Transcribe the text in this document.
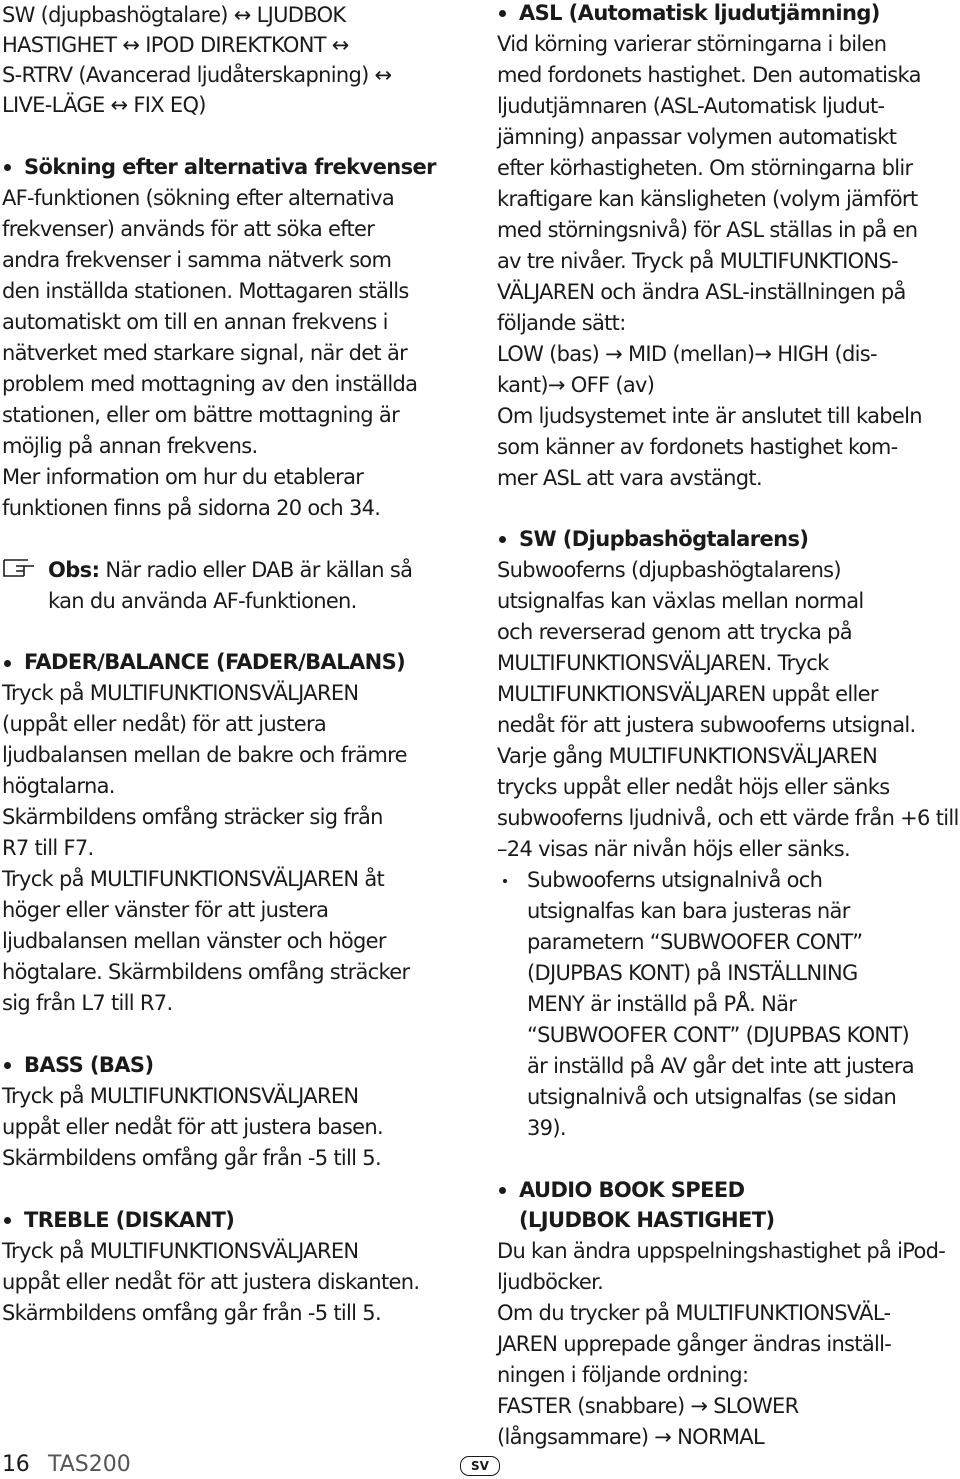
SW (djupbashögtalare) ↔ LJUDBOK
HASTIGHET ↔ IPOD DIREKTKONT ↔
S-RTRV (Avancerad ljudåterskapning) ↔
LIVE-LÄGE ↔ FIX EQ)
Sökning efter alternativa frekvenser
AF-funktionen (sökning efter alternativa
frekvenser) används för att söka efter
andra frekvenser i samma nätverk som
den inställda stationen. Mottagaren ställs
automatiskt om till en annan frekvens i
nätverket med starkare signal, när det är
problem med mottagning av den inställda
stationen, eller om bättre mottagning är
möjlig på annan frekvens.
Mer information om hur du etablerar
funktionen finns på sidorna 20 och 34.
Obs: När radio eller DAB är källan så
kan du använda AF-funktionen.
FADER/BALANCE (FADER/BALANS)
Tryck på MULTIFUNKTIONSVÄLJAREN
(uppåt eller nedåt) för att justera
ljudbalansen mellan de bakre och främre
högtalarna.
Skärmbildens omfång sträcker sig från
R7 till F7.
Tryck på MULTIFUNKTIONSVÄLJAREN åt
höger eller vänster för att justera
ljudbalansen mellan vänster och höger
högtalare. Skärmbildens omfång sträcker
sig från L7 till R7.
BASS (BAS)
Tryck på MULTIFUNKTIONSVÄLJAREN
uppåt eller nedåt för att justera basen.
Skärmbildens omfång går från -5 till 5.
TREBLE (DISKANT)
Tryck på MULTIFUNKTIONSVÄLJAREN
uppåt eller nedåt för att justera diskanten.
Skärmbildens omfång går från -5 till 5.
ASL (Automatisk ljudutjämning)
Vid körning varierar störningarna i bilen
med fordonets hastighet. Den automatiska
ljudutjämnaren (ASL-Automatisk ljudut-
jämning) anpassar volymen automatiskt
efter körhastigheten. Om störningarna blir
kraftigare kan känsligheten (volym jämfört
med störningsnivå) för ASL ställas in på en
av tre nivåer. Tryck på MULTIFUNKTIONS-
VÄLJAREN och ändra ASL-inställningen på
följande sätt:
LOW (bas) → MID (mellan)→ HIGH (dis-
kant)→ OFF (av)
Om ljudsystemet inte är anslutet till kabeln
som känner av fordonets hastighet kom-
mer ASL att vara avstängt.
SW (Djupbashögtalarens)
Subwooferns (djupbashögtalarens)
utsignalfas kan växlas mellan normal
och reverserad genom att trycka på
MULTIFUNKTIONSVÄLJAREN. Tryck
MULTIFUNKTIONSVÄLJAREN uppåt eller
nedåt för att justera subwooferns utsignal.
Varje gång MULTIFUNKTIONSVÄLJAREN
trycks uppåt eller nedåt höjs eller sänks
subwooferns ljudnivå, och ett värde från +6 till
–24 visas när nivån höjs eller sänks.
Subwooferns utsignalnivå och
utsignalfas kan bara justeras när
parametern “SUBWOOFER CONT”
(DJUPBAS KONT) på INSTÄLLNING
MENY är inställd på PÅ. När
“SUBWOOFER CONT” (DJUPBAS KONT)
är inställd på AV går det inte att justera
utsignalnivå och utsignalfas (se sidan
39).
AUDIO BOOK SPEED
(LJUDBOK HASTIGHET)
Du kan ändra uppspelningshastighet på iPod-
ljudböcker.
Om du trycker på MULTIFUNKTIONSVÄL-
JAREN upprepade gånger ändras inställ-
ningen i följande ordning:
FASTER (snabbare) → SLOWER
(långsammare) → NORMAL
16 TAS200	SV
